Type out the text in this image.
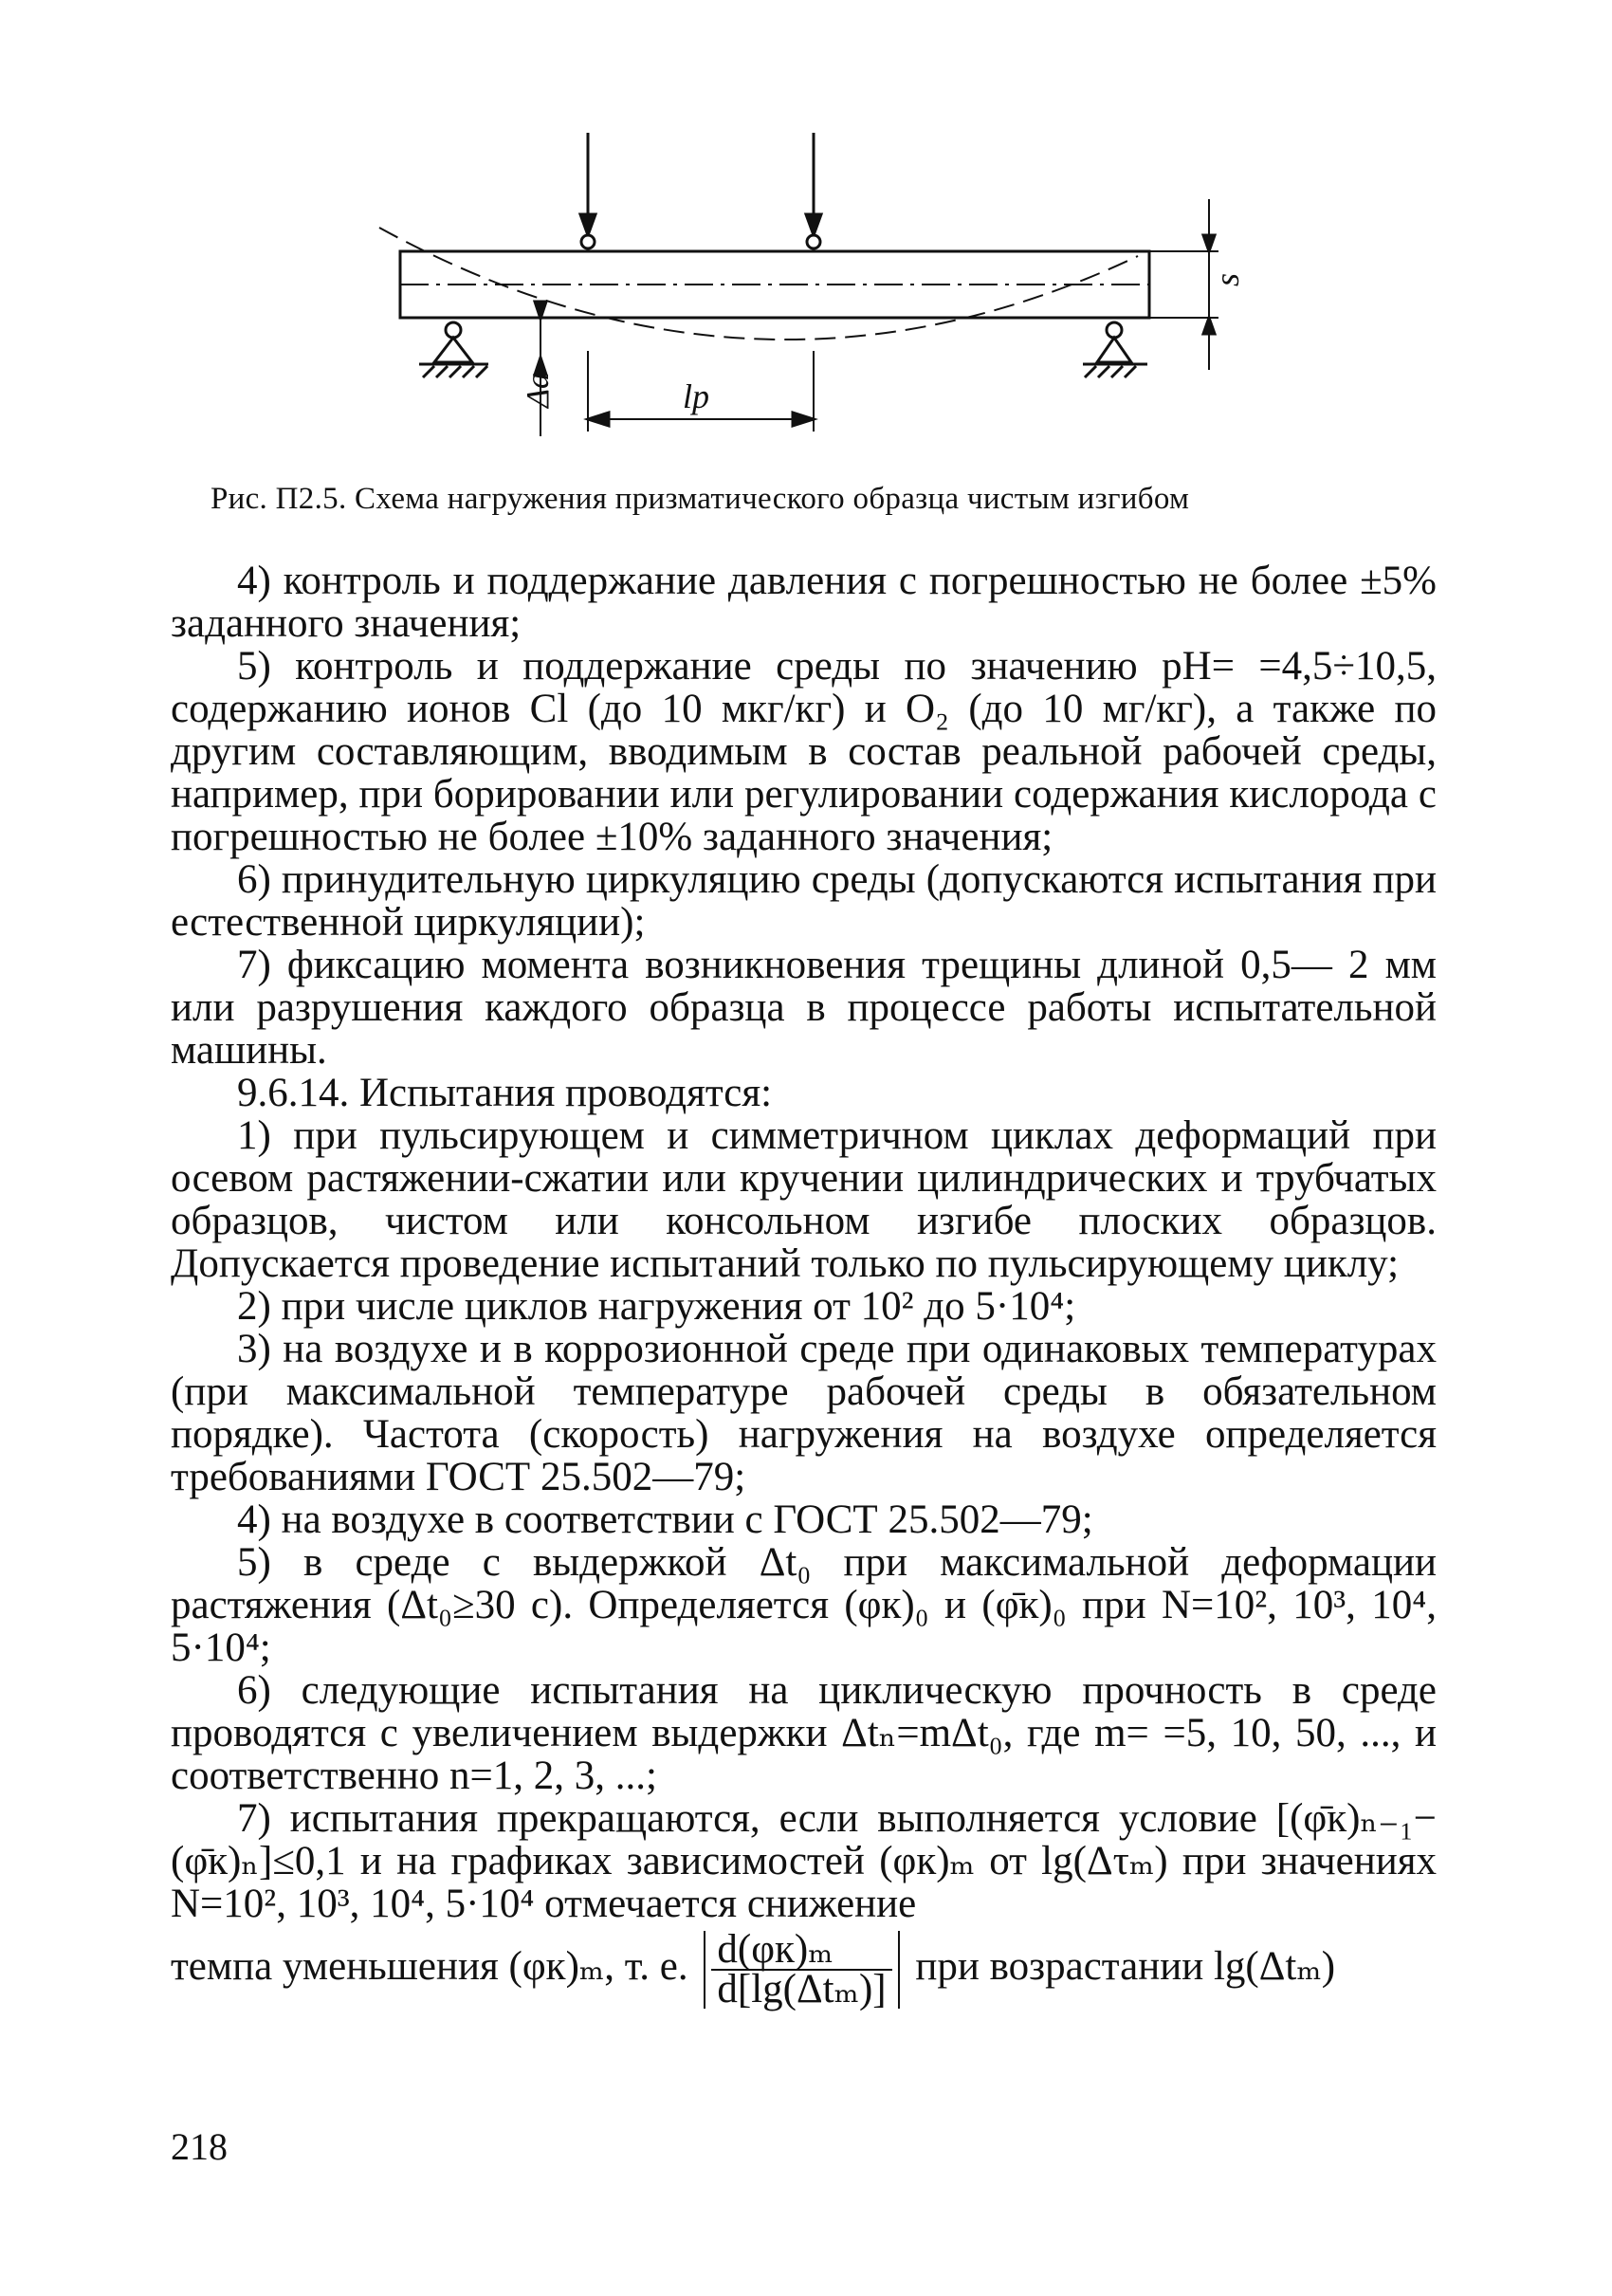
s
lp
Δa
Рис. П2.5. Схема нагружения призматического образца чистым изгибом

4) контроль и поддержание давления с погрешностью не более ±5% заданного значения;

5) контроль и поддержание среды по значению pH= =4,5÷10,5, содержанию ионов Cl (до 10 мкг/кг) и O₂ (до 10 мг/кг), а также по другим составляющим, вводимым в состав реальной рабочей среды, например, при борировании или регулировании содержания кислорода с погрешностью не более ±10% заданного значения;

6) принудительную циркуляцию среды (допускаются испытания при естественной циркуляции);

7) фиксацию момента возникновения трещины длиной 0,5— 2 мм или разрушения каждого образца в процессе работы испытательной машины.

9.6.14. Испытания проводятся:

1) при пульсирующем и симметричном циклах деформаций при осевом растяжении-сжатии или кручении цилиндрических и трубчатых образцов, чистом или консольном изгибе плоских образцов. Допускается проведение испытаний только по пульсирующему циклу;

2) при числе циклов нагружения от 10² до 5·10⁴;

3) на воздухе и в коррозионной среде при одинаковых температурах (при максимальной температуре рабочей среды в обязательном порядке). Частота (скорость) нагружения на воздухе определяется требованиями ГОСТ 25.502—79;

4) на воздухе в соответствии с ГОСТ 25.502—79;

5) в среде с выдержкой Δt₀ при максимальной деформации растяжения (Δt₀≥30 с). Определяется (φк)₀ и (φ̄к)₀ при N=10², 10³, 10⁴, 5·10⁴;

6) следующие испытания на циклическую прочность в среде проводятся с увеличением выдержки Δtₙ=mΔt₀, где m= =5, 10, 50, ..., и соответственно n=1, 2, 3, ...;

7) испытания прекращаются, если выполняется условие [(φ̄к)ₙ₋₁−(φ̄к)ₙ]≤0,1 и на графиках зависимостей (φк)ₘ от lg(Δτₘ) при значениях N=10², 10³, 10⁴, 5·10⁴ отмечается снижение

темпа уменьшения (φк)ₘ, т. е. $\frac{\text{d(φк)ₘ}}{\text{d[lg(Δtₘ)]}}$ при возрастании lg(Δtₘ)

218
